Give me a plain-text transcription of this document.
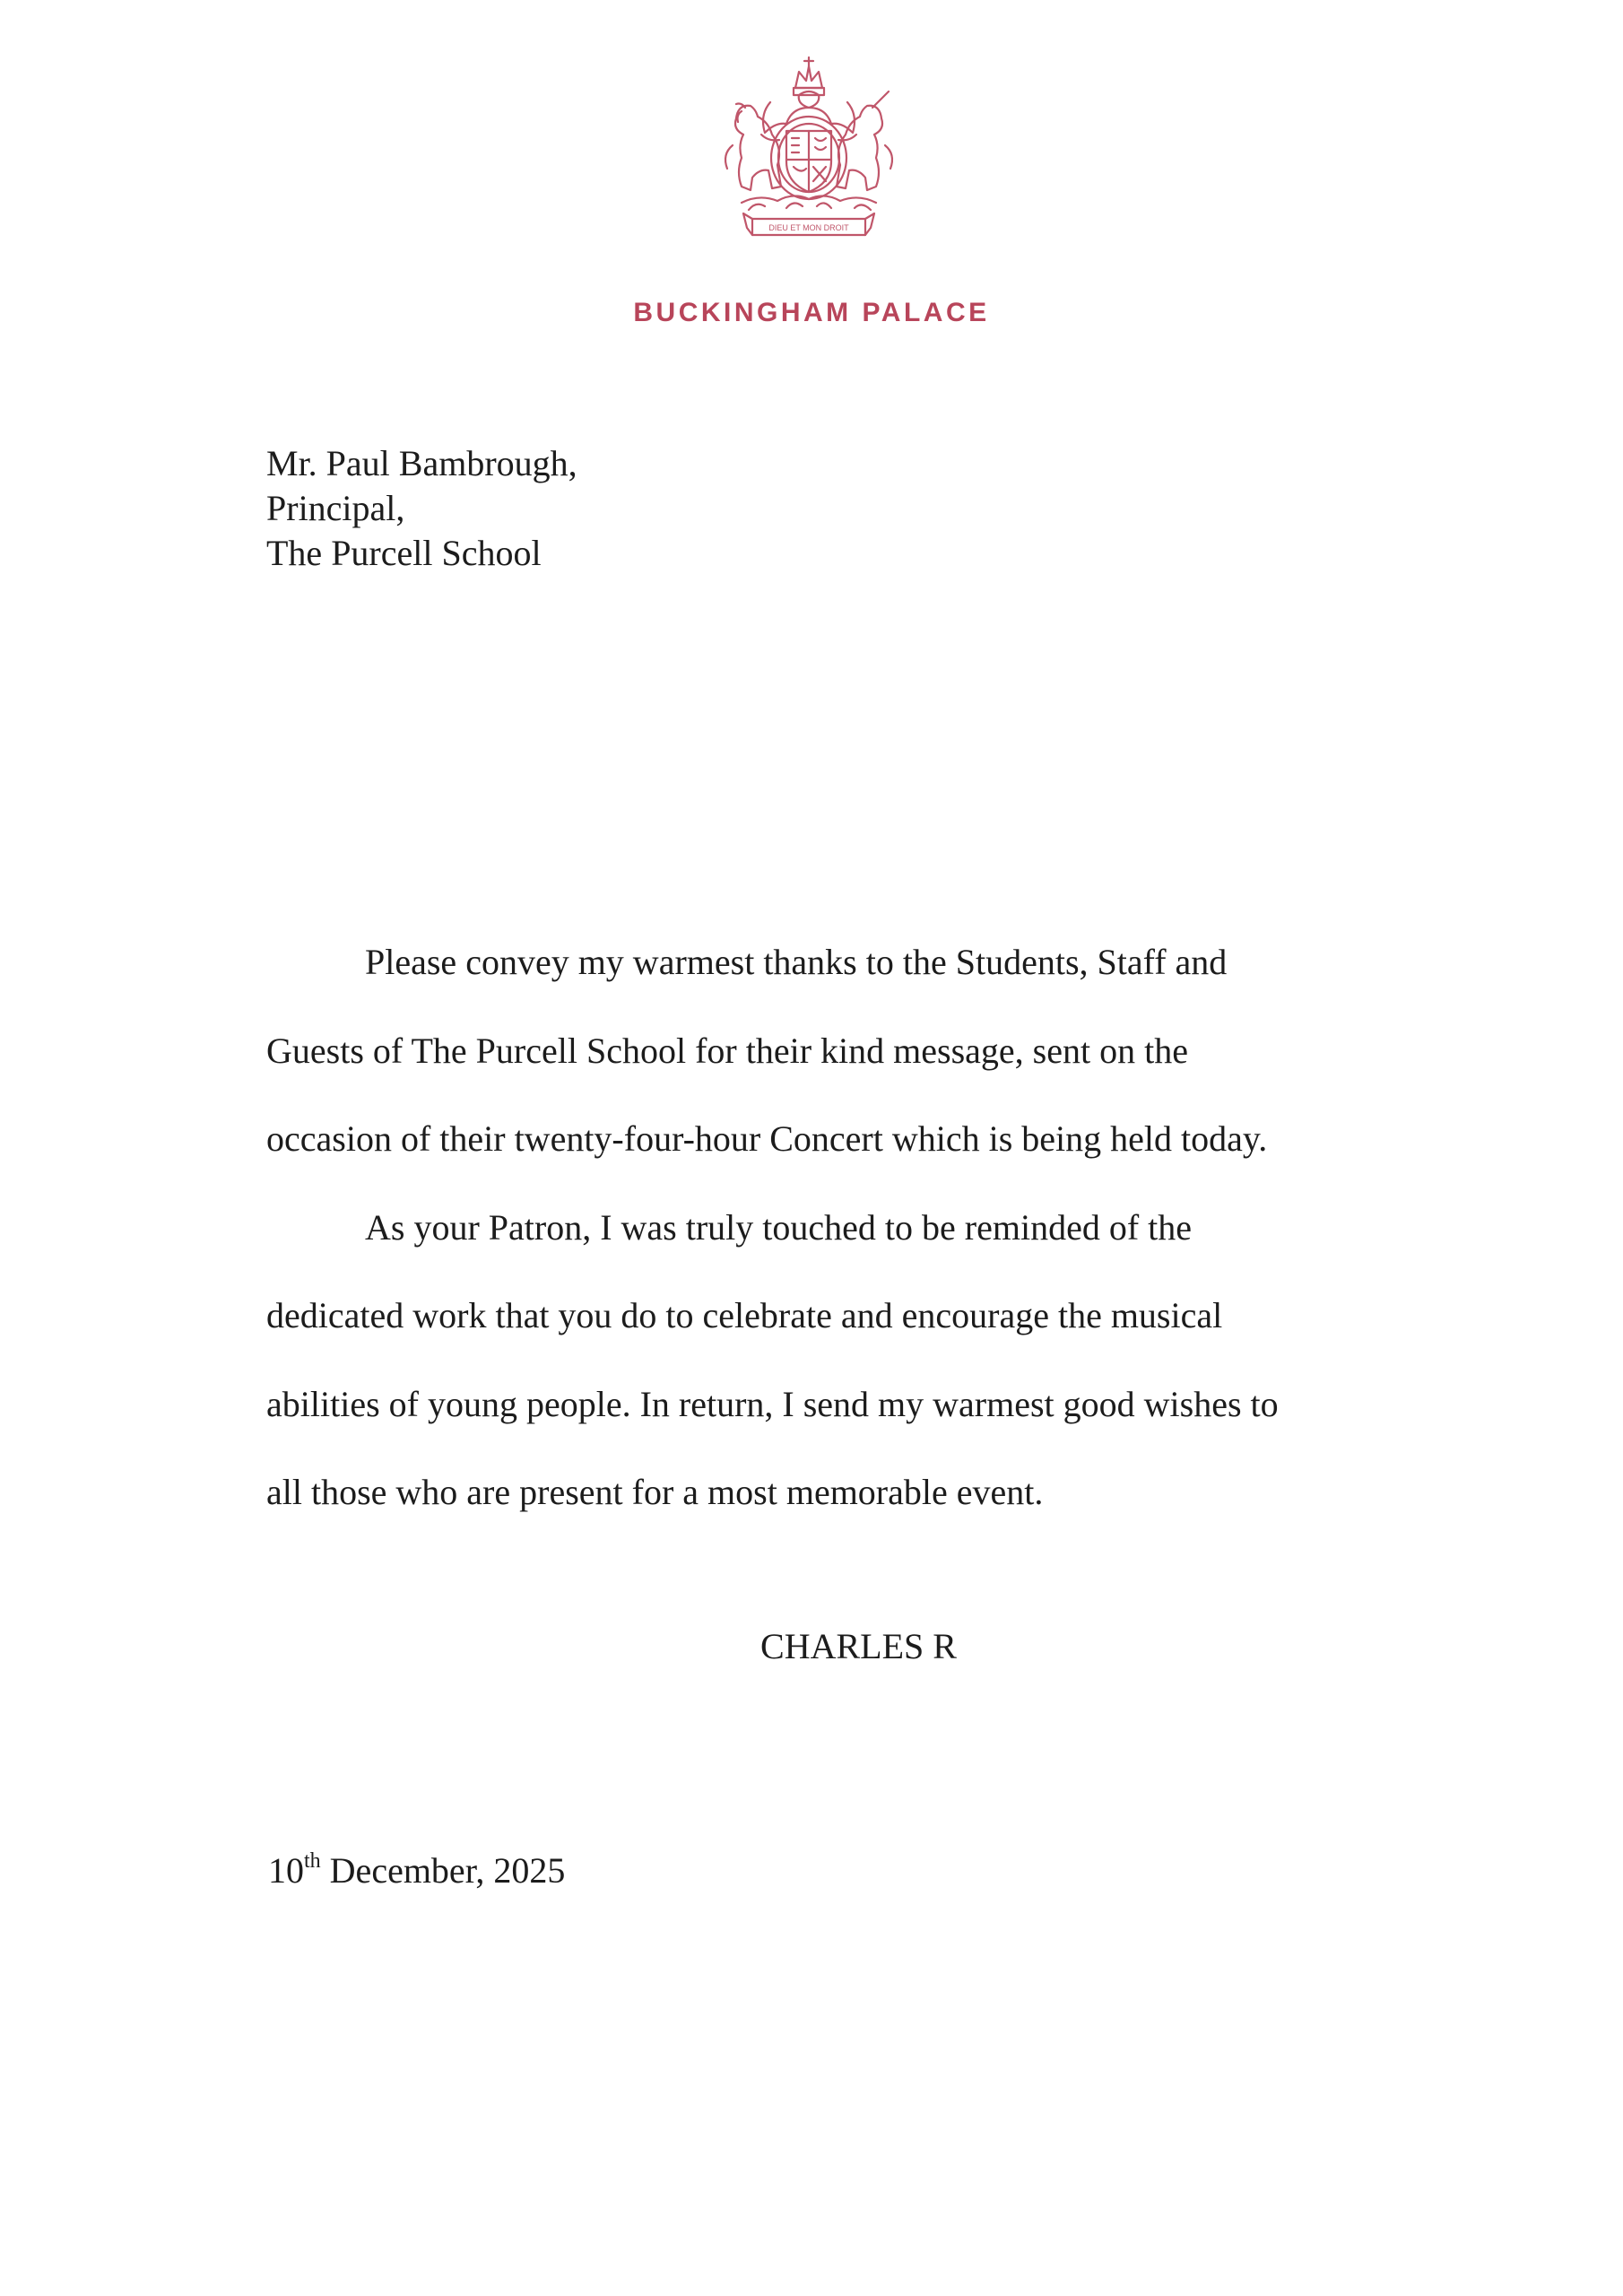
DIEU ET MON DROIT
BUCKINGHAM PALACE
Mr. Paul Bambrough,
Principal,
The Purcell School
Please convey my warmest thanks to the Students, Staff and
Guests of The Purcell School for their kind message, sent on the
occasion of their twenty-four-hour Concert which is being held today.
As your Patron, I was truly touched to be reminded of the
dedicated work that you do to celebrate and encourage the musical
abilities of young people. In return, I send my warmest good wishes to
all those who are present for a most memorable event.
CHARLES R
10th December, 2025
